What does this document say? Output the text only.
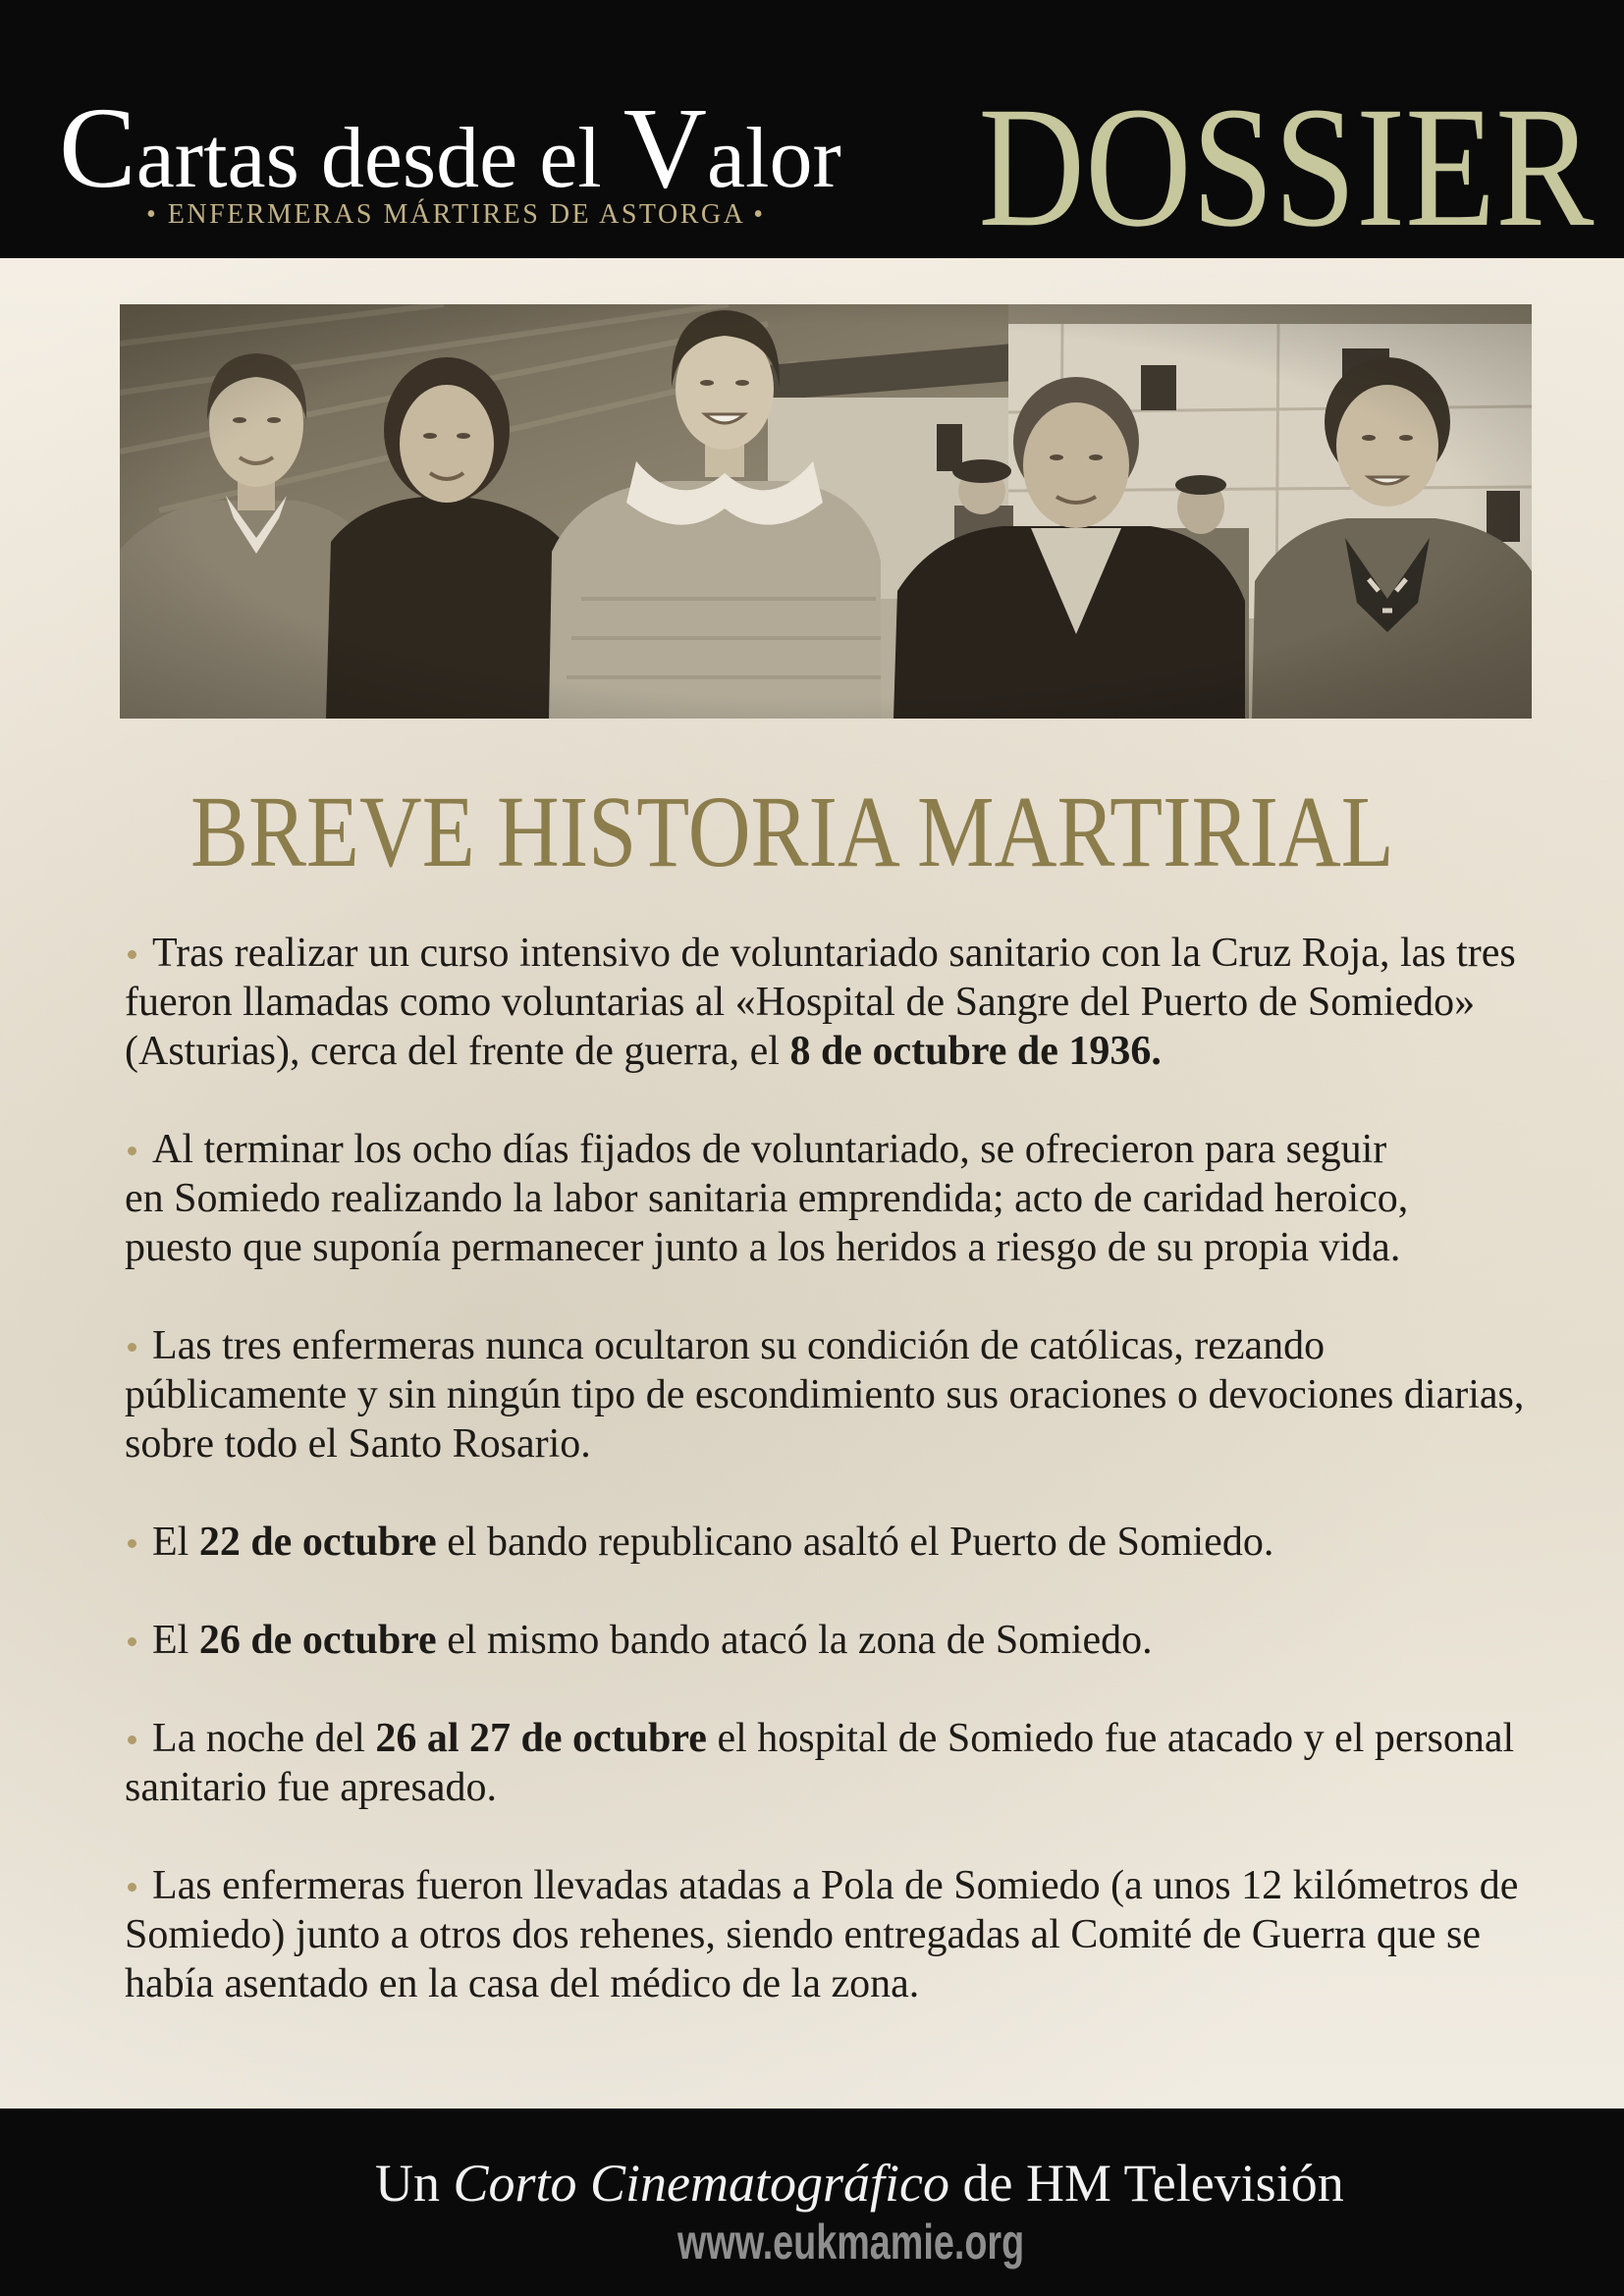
Cartas desde el Valor
• ENFERMERAS MÁRTIRES DE ASTORGA • DOSSIER
BREVE HISTORIA MARTIRIAL
Tras realizar un curso intensivo de voluntariado sanitario con la Cruz Roja, las tres
fueron llamadas como voluntarias al «Hospital de Sangre del Puerto de Somiedo»
(Asturias), cerca del frente de guerra, el 8 de octubre de 1936.
Al terminar los ocho días fijados de voluntariado, se ofrecieron para seguir
en Somiedo realizando la labor sanitaria emprendida; acto de caridad heroico,
puesto que suponía permanecer junto a los heridos a riesgo de su propia vida.
Las tres enfermeras nunca ocultaron su condición de católicas, rezando
públicamente y sin ningún tipo de escondimiento sus oraciones o devociones diarias,
sobre todo el Santo Rosario.
El 22 de octubre el bando republicano asaltó el Puerto de Somiedo.
El 26 de octubre el mismo bando atacó la zona de Somiedo.
La noche del 26 al 27 de octubre el hospital de Somiedo fue atacado y el personal
sanitario fue apresado.
Las enfermeras fueron llevadas atadas a Pola de Somiedo (a unos 12 kilómetros de
Somiedo) junto a otros dos rehenes, siendo entregadas al Comité de Guerra que se
había asentado en la casa del médico de la zona.
Un Corto Cinematográfico de HM Televisión
www.eukmamie.org
